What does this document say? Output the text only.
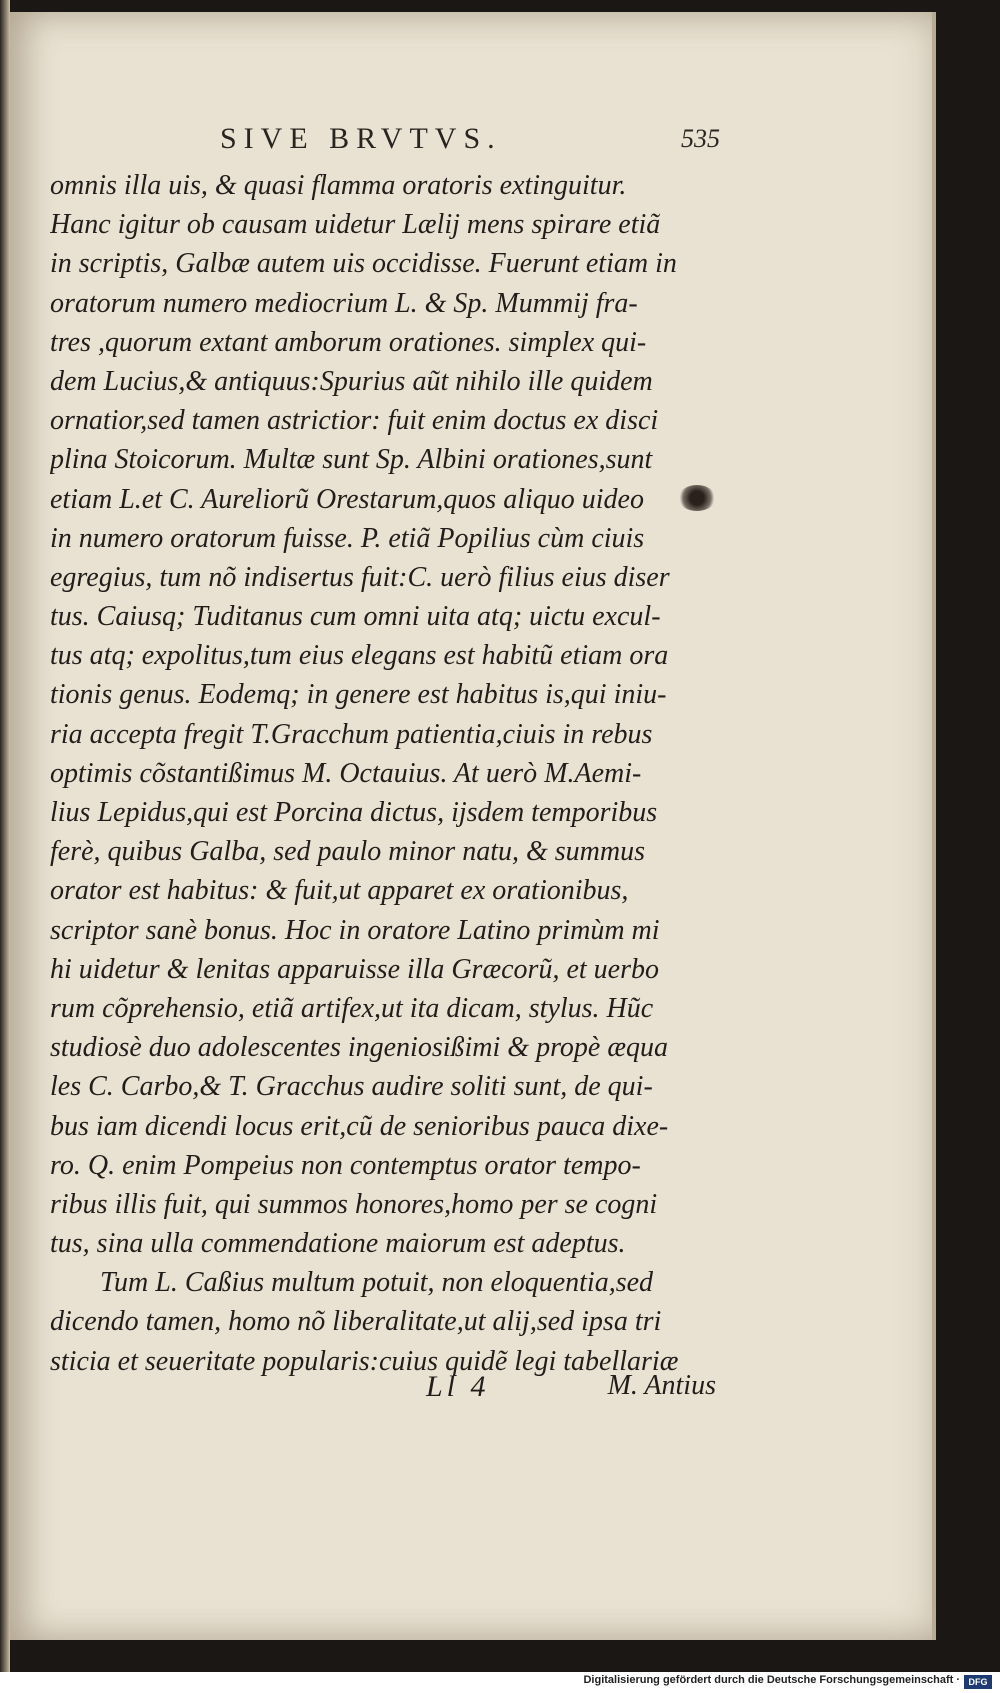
SIVE BRVTVS.	535
omnis illa uis, & quasi flamma oratoris extinguitur.
Hanc igitur ob causam uidetur Lælij mens spirare etiã
in scriptis, Galbæ autem uis occidisse. Fuerunt etiam in
oratorum numero mediocrium L. & Sp. Mummij fra-
tres ,quorum extant amborum orationes. simplex qui-
dem Lucius,& antiquus:Spurius aũt nihilo ille quidem
ornatior,sed tamen astrictior: fuit enim doctus ex disci
plina Stoicorum. Multæ sunt Sp. Albini orationes,sunt
etiam L.et C. Aureliorũ Orestarum,quos aliquo uideo
in numero oratorum fuisse. P. etiã Popilius cùm ciuis
egregius, tum nõ indisertus fuit:C. uerò filius eius diser
tus. Caiusq; Tuditanus cum omni uita atq; uictu excul-
tus atq; expolitus,tum eius elegans est habitũ etiam ora
tionis genus. Eodemq; in genere est habitus is,qui iniu-
ria accepta fregit T.Gracchum patientia,ciuis in rebus
optimis cõstantißimus M. Octauius. At uerò M.Aemi-
lius Lepidus,qui est Porcina dictus, ijsdem temporibus
ferè, quibus Galba, sed paulo minor natu, & summus
orator est habitus: & fuit,ut apparet ex orationibus,
scriptor sanè bonus. Hoc in oratore Latino primùm mi
hi uidetur & lenitas apparuisse illa Græcorũ, et uerbo
rum cõprehensio, etiã artifex,ut ita dicam, stylus. Hũc
studiosè duo adolescentes ingeniosißimi & propè æqua
les C. Carbo,& T. Gracchus audire soliti sunt, de qui-
bus iam dicendi locus erit,cũ de senioribus pauca dixe-
ro. Q. enim Pompeius non contemptus orator tempo-
ribus illis fuit, qui summos honores,homo per se cogni
tus, sina ulla commendatione maiorum est adeptus.
Tum L. Caßius multum potuit, non eloquentia,sed
dicendo tamen, homo nõ liberalitate,ut alij,sed ipsa tri
sticia et seueritate popularis:cuius quidẽ legi tabellariæ
Ll 4	M. Antius
Digitalisierung gefördert durch die Deutsche Forschungsgemeinschaft · DFG
